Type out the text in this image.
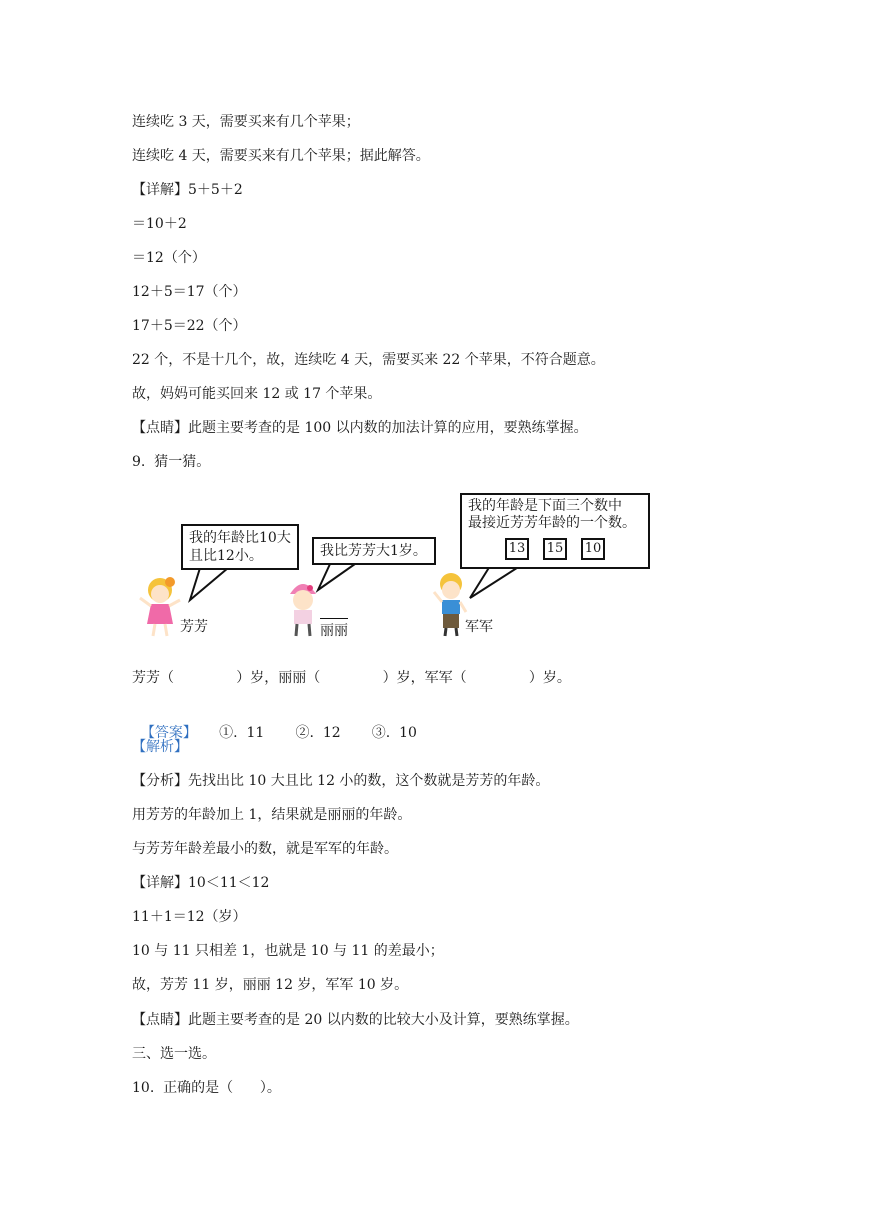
连续吃 3 天，需要买来有几个苹果；
连续吃 4 天，需要买来有几个苹果；据此解答。
【详解】5＋5＋2
＝10＋2
＝12（个）
12＋5＝17（个）
17＋5＝22（个）
22 个，不是十几个，故，连续吃 4 天，需要买来 22 个苹果，不符合题意。
故，妈妈可能买回来 12 或 17 个苹果。
【点睛】此题主要考查的是 100 以内数的加法计算的应用，要熟练掌握。
9.  猜一猜。
我的年龄比10大
且比12小。	我比芳芳大1岁。
我的年龄是下面三个数中
最接近芳芳年龄的一个数。
13 15 10
芳芳	丽丽	军军
芳芳（              ）岁，丽丽（              ）岁，军军（              ）岁。

【答案】     ①.  11       ②.  12       ③.  10

【解析】
【分析】先找出比 10 大且比 12 小的数，这个数就是芳芳的年龄。
用芳芳的年龄加上 1，结果就是丽丽的年龄。
与芳芳年龄差最小的数，就是军军的年龄。
【详解】10＜11＜12
11＋1＝12（岁）
10 与 11 只相差 1，也就是 10 与 11 的差最小；
故，芳芳 11 岁，丽丽 12 岁，军军 10 岁。
【点睛】此题主要考查的是 20 以内数的比较大小及计算，要熟练掌握。
三、选一选。
10.  正确的是（      ）。
